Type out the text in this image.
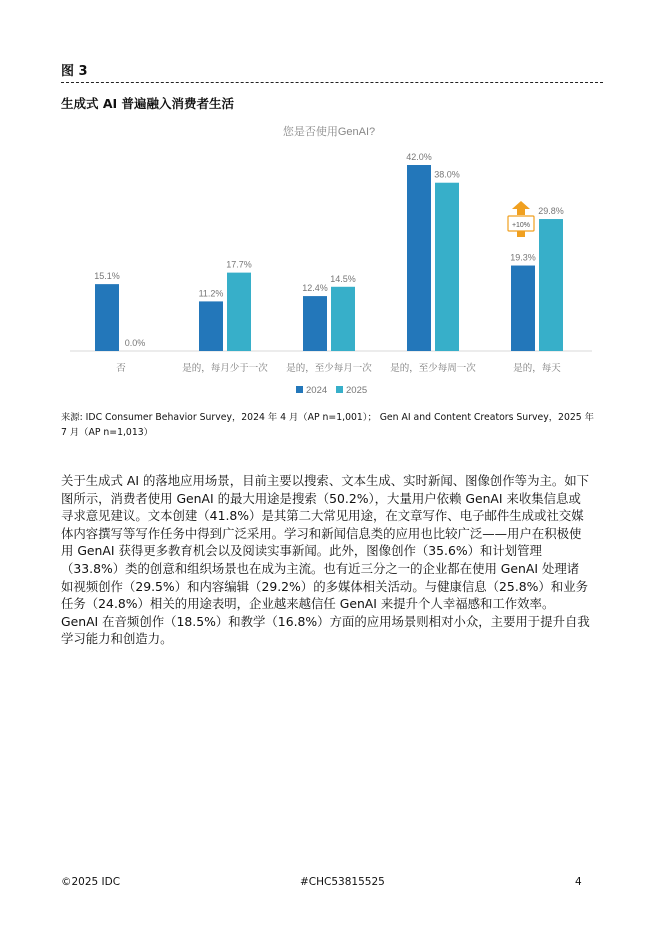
图 3
生成式 AI 普遍融入消费者生活
您是否使用GenAI?
15.1%
0.0%
否
11.2%
17.7%
是的，每月少于一次
12.4%
14.5%
是的，至少每月一次
42.0%
38.0%
是的，至少每周一次
19.3%
29.8%
是的，每天
+10%
2024 2025
来源: IDC Consumer Behavior Survey，2024 年 4 月（AP n=1,001）； Gen AI and Content Creators Survey，2025 年 7 月（AP n=1,013）
关于生成式 AI 的落地应用场景，目前主要以搜索、文本生成、实时新闻、图像创作等为主。如下图所示，消费者使用 GenAI 的最大用途是搜索（50.2%），大量用户依赖 GenAI 来收集信息或寻求意见建议。文本创建（41.8%）是其第二大常见用途，在文章写作、电子邮件生成或社交媒体内容撰写等写作任务中得到广泛采用。学习和新闻信息类的应用也比较广泛——用户在积极使用 GenAI 获得更多教育机会以及阅读实事新闻。此外，图像创作（35.6%）和计划管理（33.8%）类的创意和组织场景也在成为主流。也有近三分之一的企业都在使用 GenAI 处理诸如视频创作（29.5%）和内容编辑（29.2%）的多媒体相关活动。与健康信息（25.8%）和业务任务（24.8%）相关的用途表明，企业越来越信任 GenAI 来提升个人幸福感和工作效率。GenAI 在音频创作（18.5%）和教学（16.8%）方面的应用场景则相对小众，主要用于提升自我学习能力和创造力。
©2025 IDC	#CHC53815525	4
